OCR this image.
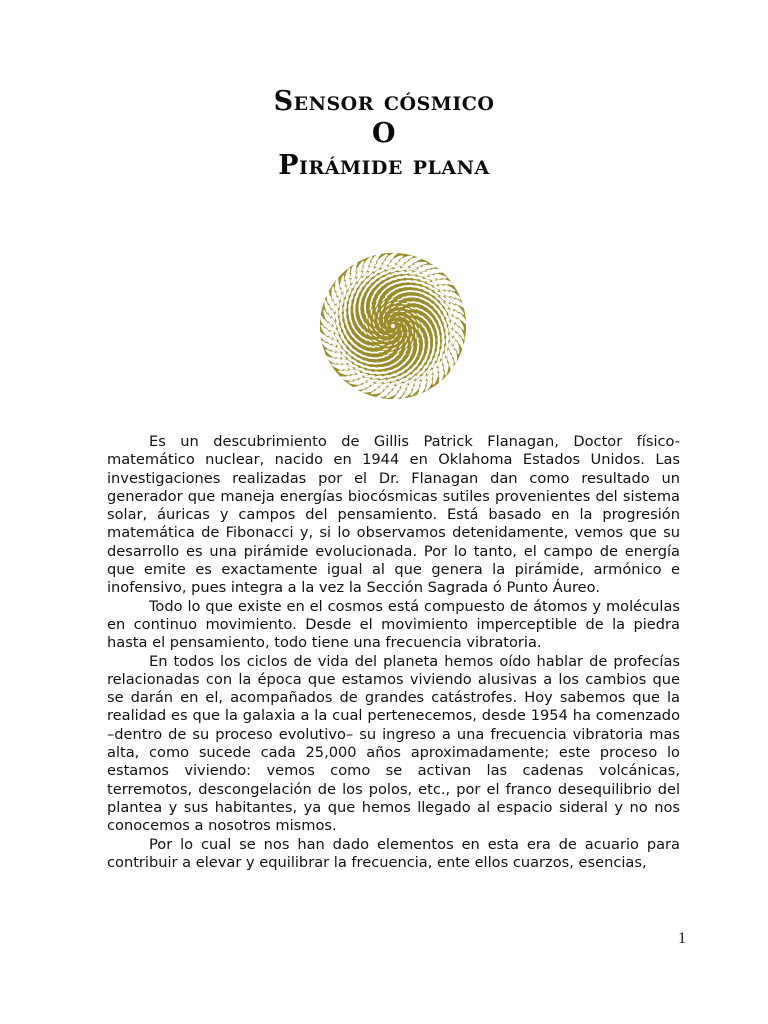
Sensor cósmico
O
Pirámide plana

Es un descubrimiento de Gillis Patrick Flanagan, Doctor físico-matemático nuclear, nacido en 1944 en Oklahoma Estados Unidos. Las investigaciones realizadas por el Dr. Flanagan dan como resultado un generador que maneja energías biocósmicas sutiles provenientes del sistema solar, áuricas y campos del pensamiento. Está basado en la progresión matemática de Fibonacci y, si lo observamos detenidamente, vemos que su desarrollo es una pirámide evolucionada. Por lo tanto, el campo de energía que emite es exactamente igual al que genera la pirámide, armónico e inofensivo, pues integra a la vez la Sección Sagrada ó Punto Áureo.

Todo lo que existe en el cosmos está compuesto de átomos y moléculas en continuo movimiento. Desde el movimiento imperceptible de la piedra hasta el pensamiento, todo tiene una frecuencia vibratoria.

En todos los ciclos de vida del planeta hemos oído hablar de profecías relacionadas con la época que estamos viviendo alusivas a los cambios que se darán en el, acompañados de grandes catástrofes. Hoy sabemos que la realidad es que la galaxia a la cual pertenecemos, desde 1954 ha comenzado –dentro de su proceso evolutivo– su ingreso a una frecuencia vibratoria mas alta, como sucede cada 25,000 años aproximadamente; este proceso lo estamos viviendo: vemos como se activan las cadenas volcánicas, terremotos, descongelación de los polos, etc., por el franco desequilibrio del plantea y sus habitantes, ya que hemos llegado al espacio sideral y no nos conocemos a nosotros mismos.

Por lo cual se nos han dado elementos en esta era de acuario para contribuir a elevar y equilibrar la frecuencia, ente ellos cuarzos, esencias,

1
